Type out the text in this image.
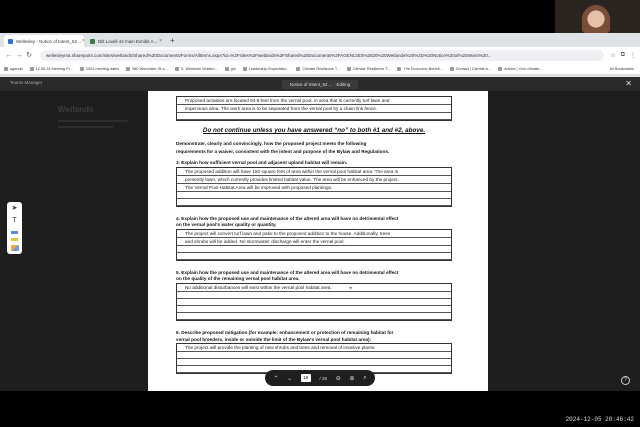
Wellesley - Notice of Intent_52 ... ×	Dilt Lovell 44 main Exhibit A... × +
← → ↻	wellesleyma.sharepoint.com/sites/wetlands/Shared%20Documents/Forms/AllItems.aspx?id=%2Fsites%2Fwetlands%2FShared%20Documents%2FAGENCIES%2520%20Wetlands%20%2D%20Notice%20of%20Intent%20...	☆ ⧉ ⋮
agenda	12.05.24 Meeting Pr...	2024 meeting dates	960 Worcester St a...	S. Wellands Violatio...	goi	Leadership Expectatio...	Climate Resilience T...	Climate Resilience T...	The Economic Benefi...	Contact | Climate a...	Advice | Your climate...	All Bookmarks
Teams Manager	Notice of Intent_52 ... · Editing	✕
Wetlands
➤
T
Proposed activities are located 93.9-feet from the vernal pool, in area that is currently turf lawn and
impervious area. The work area is to be separated from the vernal pool by a chain link fence.
Do not continue unless you have answered “no” to both #1 and #2, above.
Demonstrate, clearly and convincingly, how the proposed project meets the following
requirements for a waiver, consistent with the intent and purpose of the Bylaw and Regulations.
3. Explain how sufficient vernal pool and adjacent upland habitat will remain.
The proposed addition will have 150 square feet of area within the vernal pool habitat area. The area is
presently lawn, which currently provides limited habitat value. The area will be enhanced by the project.
The Vernal Pool Habitat Area will be improved with proposed plantings.
4. Explain how the proposed use and maintenance of the altered area will have no detrimental effect
on the vernal pool's water quality or quantity.
The project will convert turf lawn and patio to the proposed addition to the house. Additionally, trees
and shrubs will be added. No stormwater discharge will enter the vernal pool.
5. Explain how the proposed use and maintenance of the altered area will have no detrimental effect
on the quality of the remaining vernal pool habitat area.
No additional disturbances will exist within the vernal pool habitat area.
6. Describe proposed mitigation (for example: enhancement or protection of remaining habitat for
vernal pool breeders, inside or outside the limit of the Bylaw's vernal pool habitat area):
The project will provide the planting of new shrubs and trees and removal of invasive plants.
⌖
⌃ ⌄	16	/ 26 ⊖ ⊕ ⌕	?
2024-12-05 20:46:42
